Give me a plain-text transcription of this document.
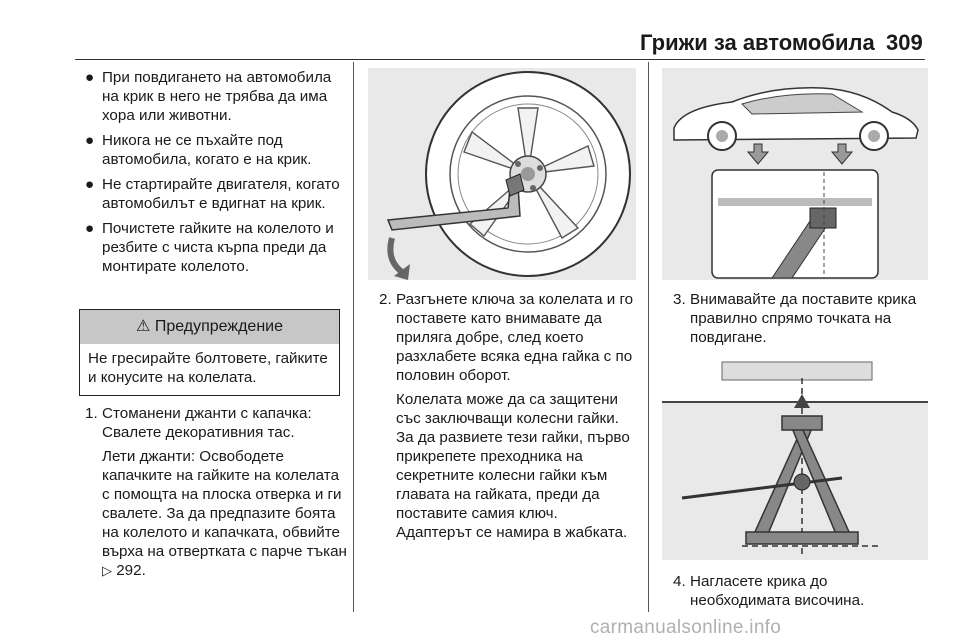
Грижи за автомобила 309
● При повдигането на автомобила на крик в него не трябва да има хора или животни.
● Никога не се пъхайте под автомобила, когато е на крик.
● Не стартирайте двигателя, когато автомобилът е вдигнат на крик.
● Почистете гайките на колелото и резбите с чиста кърпа преди да монтирате колелото.
⚠ Предупреждение
Не гресирайте болтовете, гайките и конусите на колелата.
1. Стоманени джанти с капачка: Свалете декоративния тас.
Лети джанти: Освободете капачките на гайките на колелата с помощта на плоска отверка и ги свалете. За да предпазите боята на колелото и капачката, обвийте върха на отвертката с парче тъкан ▷ 292.
2. Разгънете ключа за колелата и го поставете като внимавате да приляга добре, след което разхлабете всяка една гайка с по половин оборот.
Колелата може да са защитени със заключващи колесни гайки. За да развиете тези гайки, първо прикрепете преходника на секретните колесни гайки към главата на гайката, преди да поставите самия ключ. Адаптерът се намира в жабката.
3. Внимавайте да поставите крика правилно спрямо точката на повдигане.
4. Нагласете крика до необходимата височина.
carmanualsonline.info
